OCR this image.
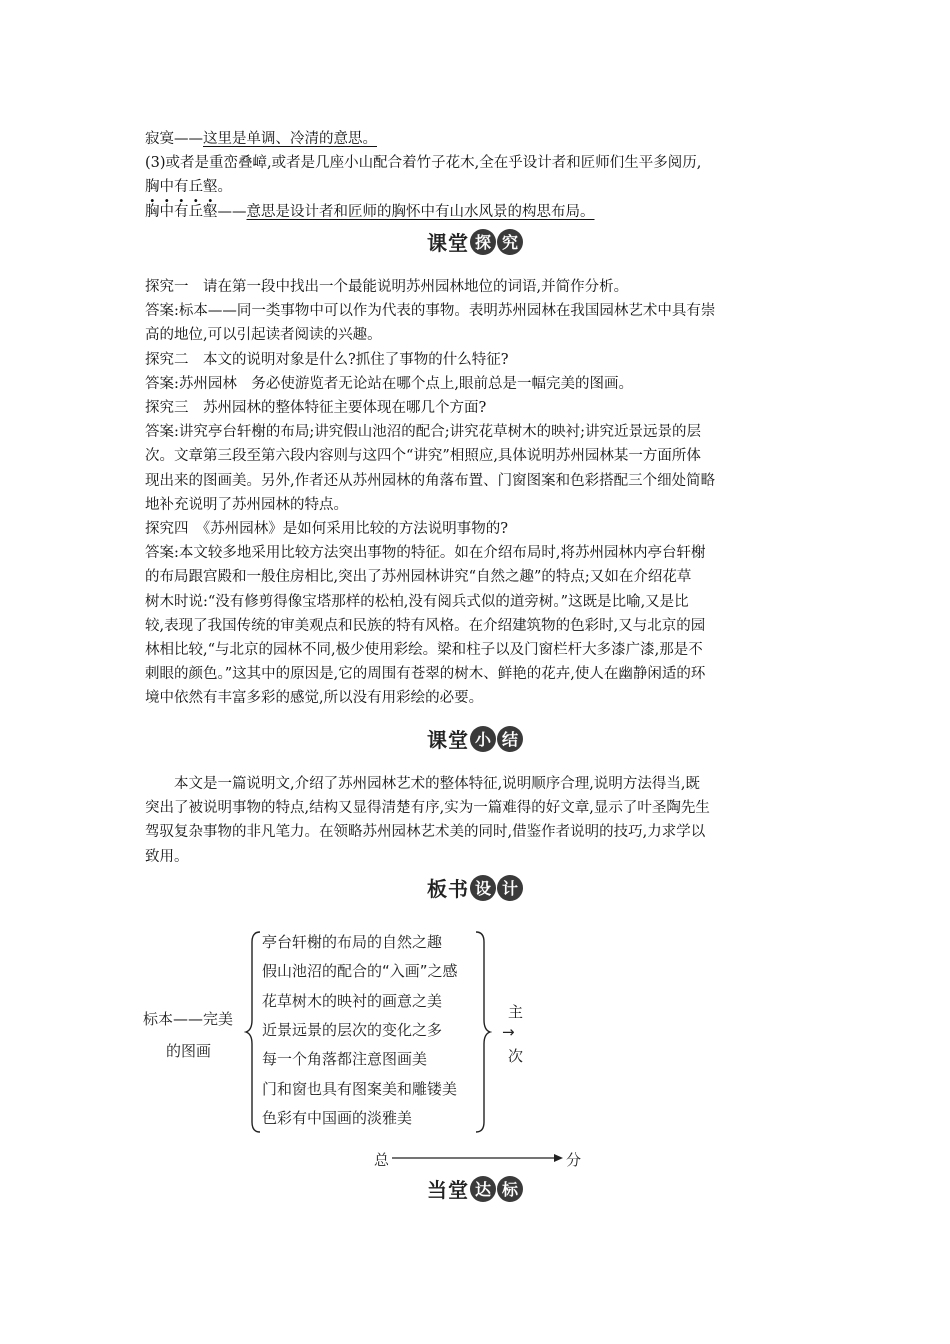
寂寞——这里是单调、冷清的意思。
(3)或者是重峦叠嶂,或者是几座小山配合着竹子花木,全在乎设计者和匠师们生平多阅历,
胸中有丘壑。
胸中有丘壑——意思是设计者和匠师的胸怀中有山水风景的构思布局。
课堂 探 究
探究一　请在第一段中找出一个最能说明苏州园林地位的词语,并简作分析。
答案:标本——同一类事物中可以作为代表的事物。表明苏州园林在我国园林艺术中具有崇
高的地位,可以引起读者阅读的兴趣。
探究二　本文的说明对象是什么?抓住了事物的什么特征?
答案:苏州园林　务必使游览者无论站在哪个点上,眼前总是一幅完美的图画。
探究三　苏州园林的整体特征主要体现在哪几个方面?
答案:讲究亭台轩榭的布局;讲究假山池沼的配合;讲究花草树木的映衬;讲究近景远景的层
次。文章第三段至第六段内容则与这四个“讲究”相照应,具体说明苏州园林某一方面所体
现出来的图画美。另外,作者还从苏州园林的角落布置、门窗图案和色彩搭配三个细处简略
地补充说明了苏州园林的特点。
探究四　《苏州园林》是如何采用比较的方法说明事物的?
答案:本文较多地采用比较方法突出事物的特征。如在介绍布局时,将苏州园林内亭台轩榭
的布局跟宫殿和一般住房相比,突出了苏州园林讲究“自然之趣”的特点;又如在介绍花草
树木时说:“没有修剪得像宝塔那样的松柏,没有阅兵式似的道旁树。”这既是比喻,又是比
较,表现了我国传统的审美观点和民族的特有风格。在介绍建筑物的色彩时,又与北京的园
林相比较,“与北京的园林不同,极少使用彩绘。梁和柱子以及门窗栏杆大多漆广漆,那是不
刺眼的颜色。”这其中的原因是,它的周围有苍翠的树木、鲜艳的花卉,使人在幽静闲适的环
境中依然有丰富多彩的感觉,所以没有用彩绘的必要。
课堂 小 结
　　本文是一篇说明文,介绍了苏州园林艺术的整体特征,说明顺序合理,说明方法得当,既
突出了被说明事物的特点,结构又显得清楚有序,实为一篇难得的好文章,显示了叶圣陶先生
驾驭复杂事物的非凡笔力。在领略苏州园林艺术美的同时,借鉴作者说明的技巧,力求学以
致用。
板书 设 计
标本——完美
的图画
亭台轩榭的布局的自然之趣
假山池沼的配合的“入画”之感
花草树木的映衬的画意之美
近景远景的层次的变化之多
每一个角落都注意图画美
门和窗也具有图案美和雕镂美
色彩有中国画的淡雅美
主
→
次
总	分
当堂 达 标
